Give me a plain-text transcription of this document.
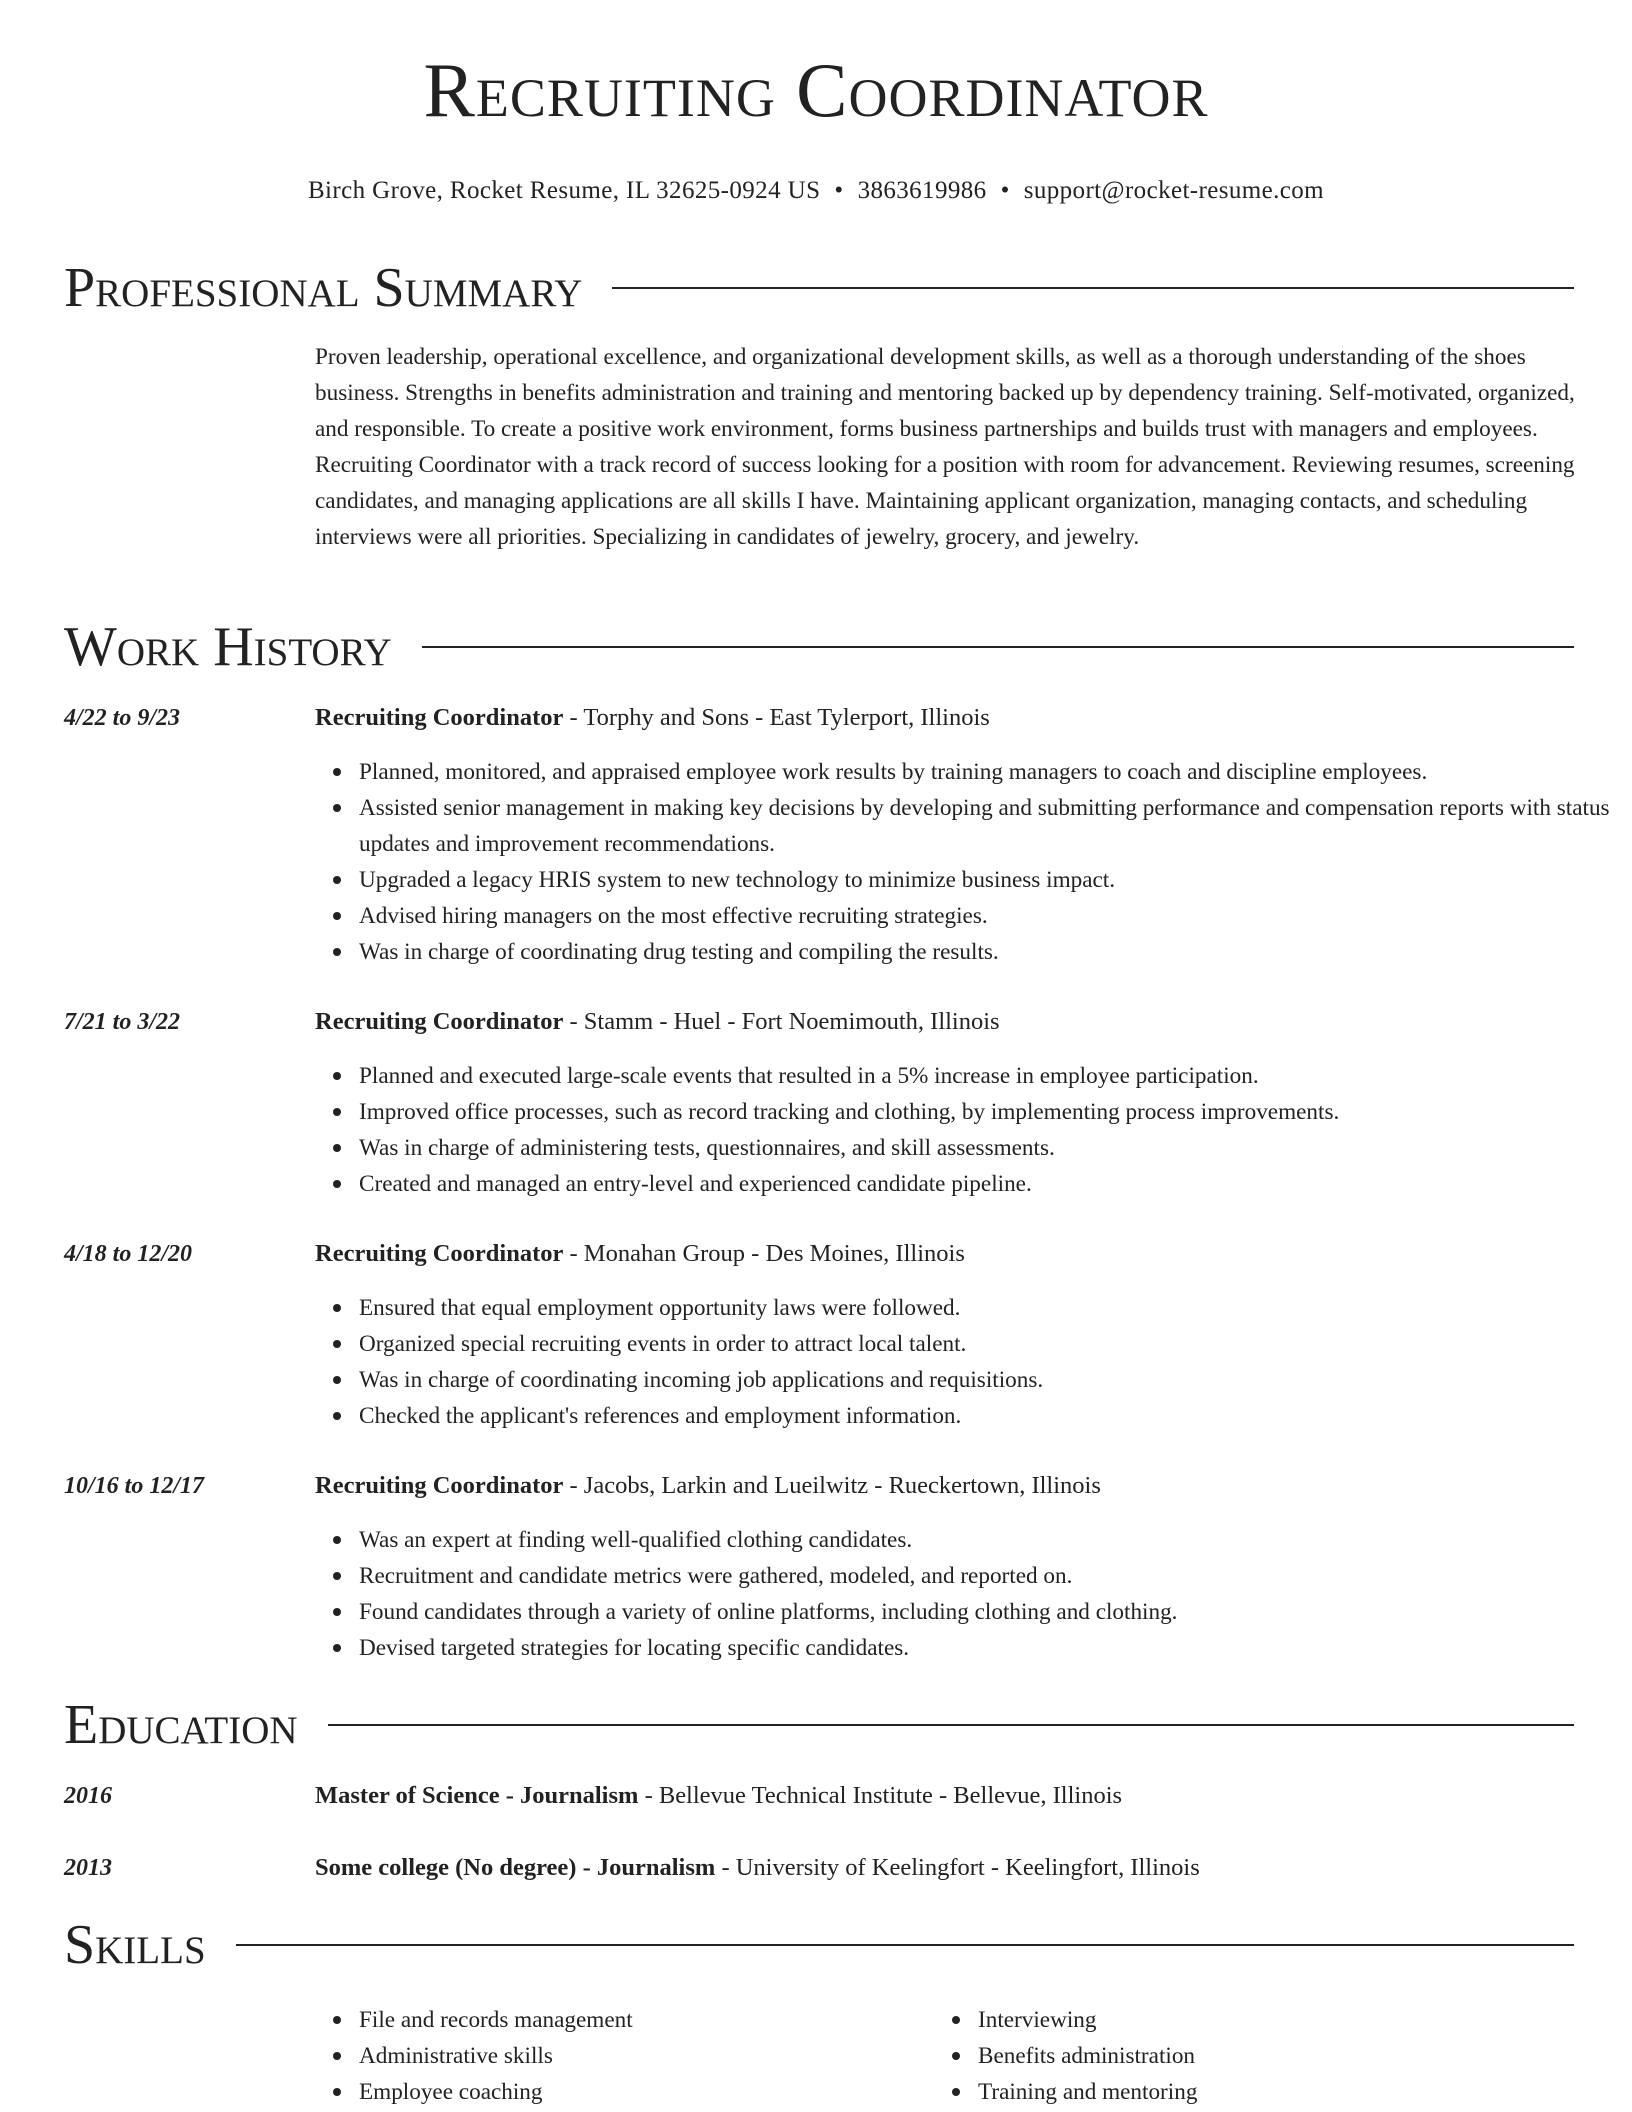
Recruiting Coordinator
Birch Grove, Rocket Resume, IL 32625-0924 US • 3863619986 • support@rocket-resume.com
Professional Summary

Proven leadership, operational excellence, and organizational development skills, as well as a thorough understanding of the shoes business. Strengths in benefits administration and training and mentoring backed up by dependency training. Self-motivated, organized, and responsible. To create a positive work environment, forms business partnerships and builds trust with managers and employees. Recruiting Coordinator with a track record of success looking for a position with room for advancement. Reviewing resumes, screening candidates, and managing applications are all skills I have. Maintaining applicant organization, managing contacts, and scheduling interviews were all priorities. Specializing in candidates of jewelry, grocery, and jewelry.

Work History
4/22 to 9/23	Recruiting Coordinator - Torphy and Sons - East Tylerport, Illinois
Planned, monitored, and appraised employee work results by training managers to coach and discipline employees.
Assisted senior management in making key decisions by developing and submitting performance and compensation reports with status updates and improvement recommendations.
Upgraded a legacy HRIS system to new technology to minimize business impact.
Advised hiring managers on the most effective recruiting strategies.
Was in charge of coordinating drug testing and compiling the results.
7/21 to 3/22	Recruiting Coordinator - Stamm - Huel - Fort Noemimouth, Illinois
Planned and executed large-scale events that resulted in a 5% increase in employee participation.
Improved office processes, such as record tracking and clothing, by implementing process improvements.
Was in charge of administering tests, questionnaires, and skill assessments.
Created and managed an entry-level and experienced candidate pipeline.
4/18 to 12/20	Recruiting Coordinator - Monahan Group - Des Moines, Illinois
Ensured that equal employment opportunity laws were followed.
Organized special recruiting events in order to attract local talent.
Was in charge of coordinating incoming job applications and requisitions.
Checked the applicant's references and employment information.
10/16 to 12/17	Recruiting Coordinator - Jacobs, Larkin and Lueilwitz - Rueckertown, Illinois
Was an expert at finding well-qualified clothing candidates.
Recruitment and candidate metrics were gathered, modeled, and reported on.
Found candidates through a variety of online platforms, including clothing and clothing.
Devised targeted strategies for locating specific candidates.
Education
2016	Master of Science - Journalism - Bellevue Technical Institute - Bellevue, Illinois
2013	Some college (No degree) - Journalism - University of Keelingfort - Keelingfort, Illinois
Skills
File and records management
Administrative skills
Employee coaching
Interviewing
Benefits administration
Training and mentoring
